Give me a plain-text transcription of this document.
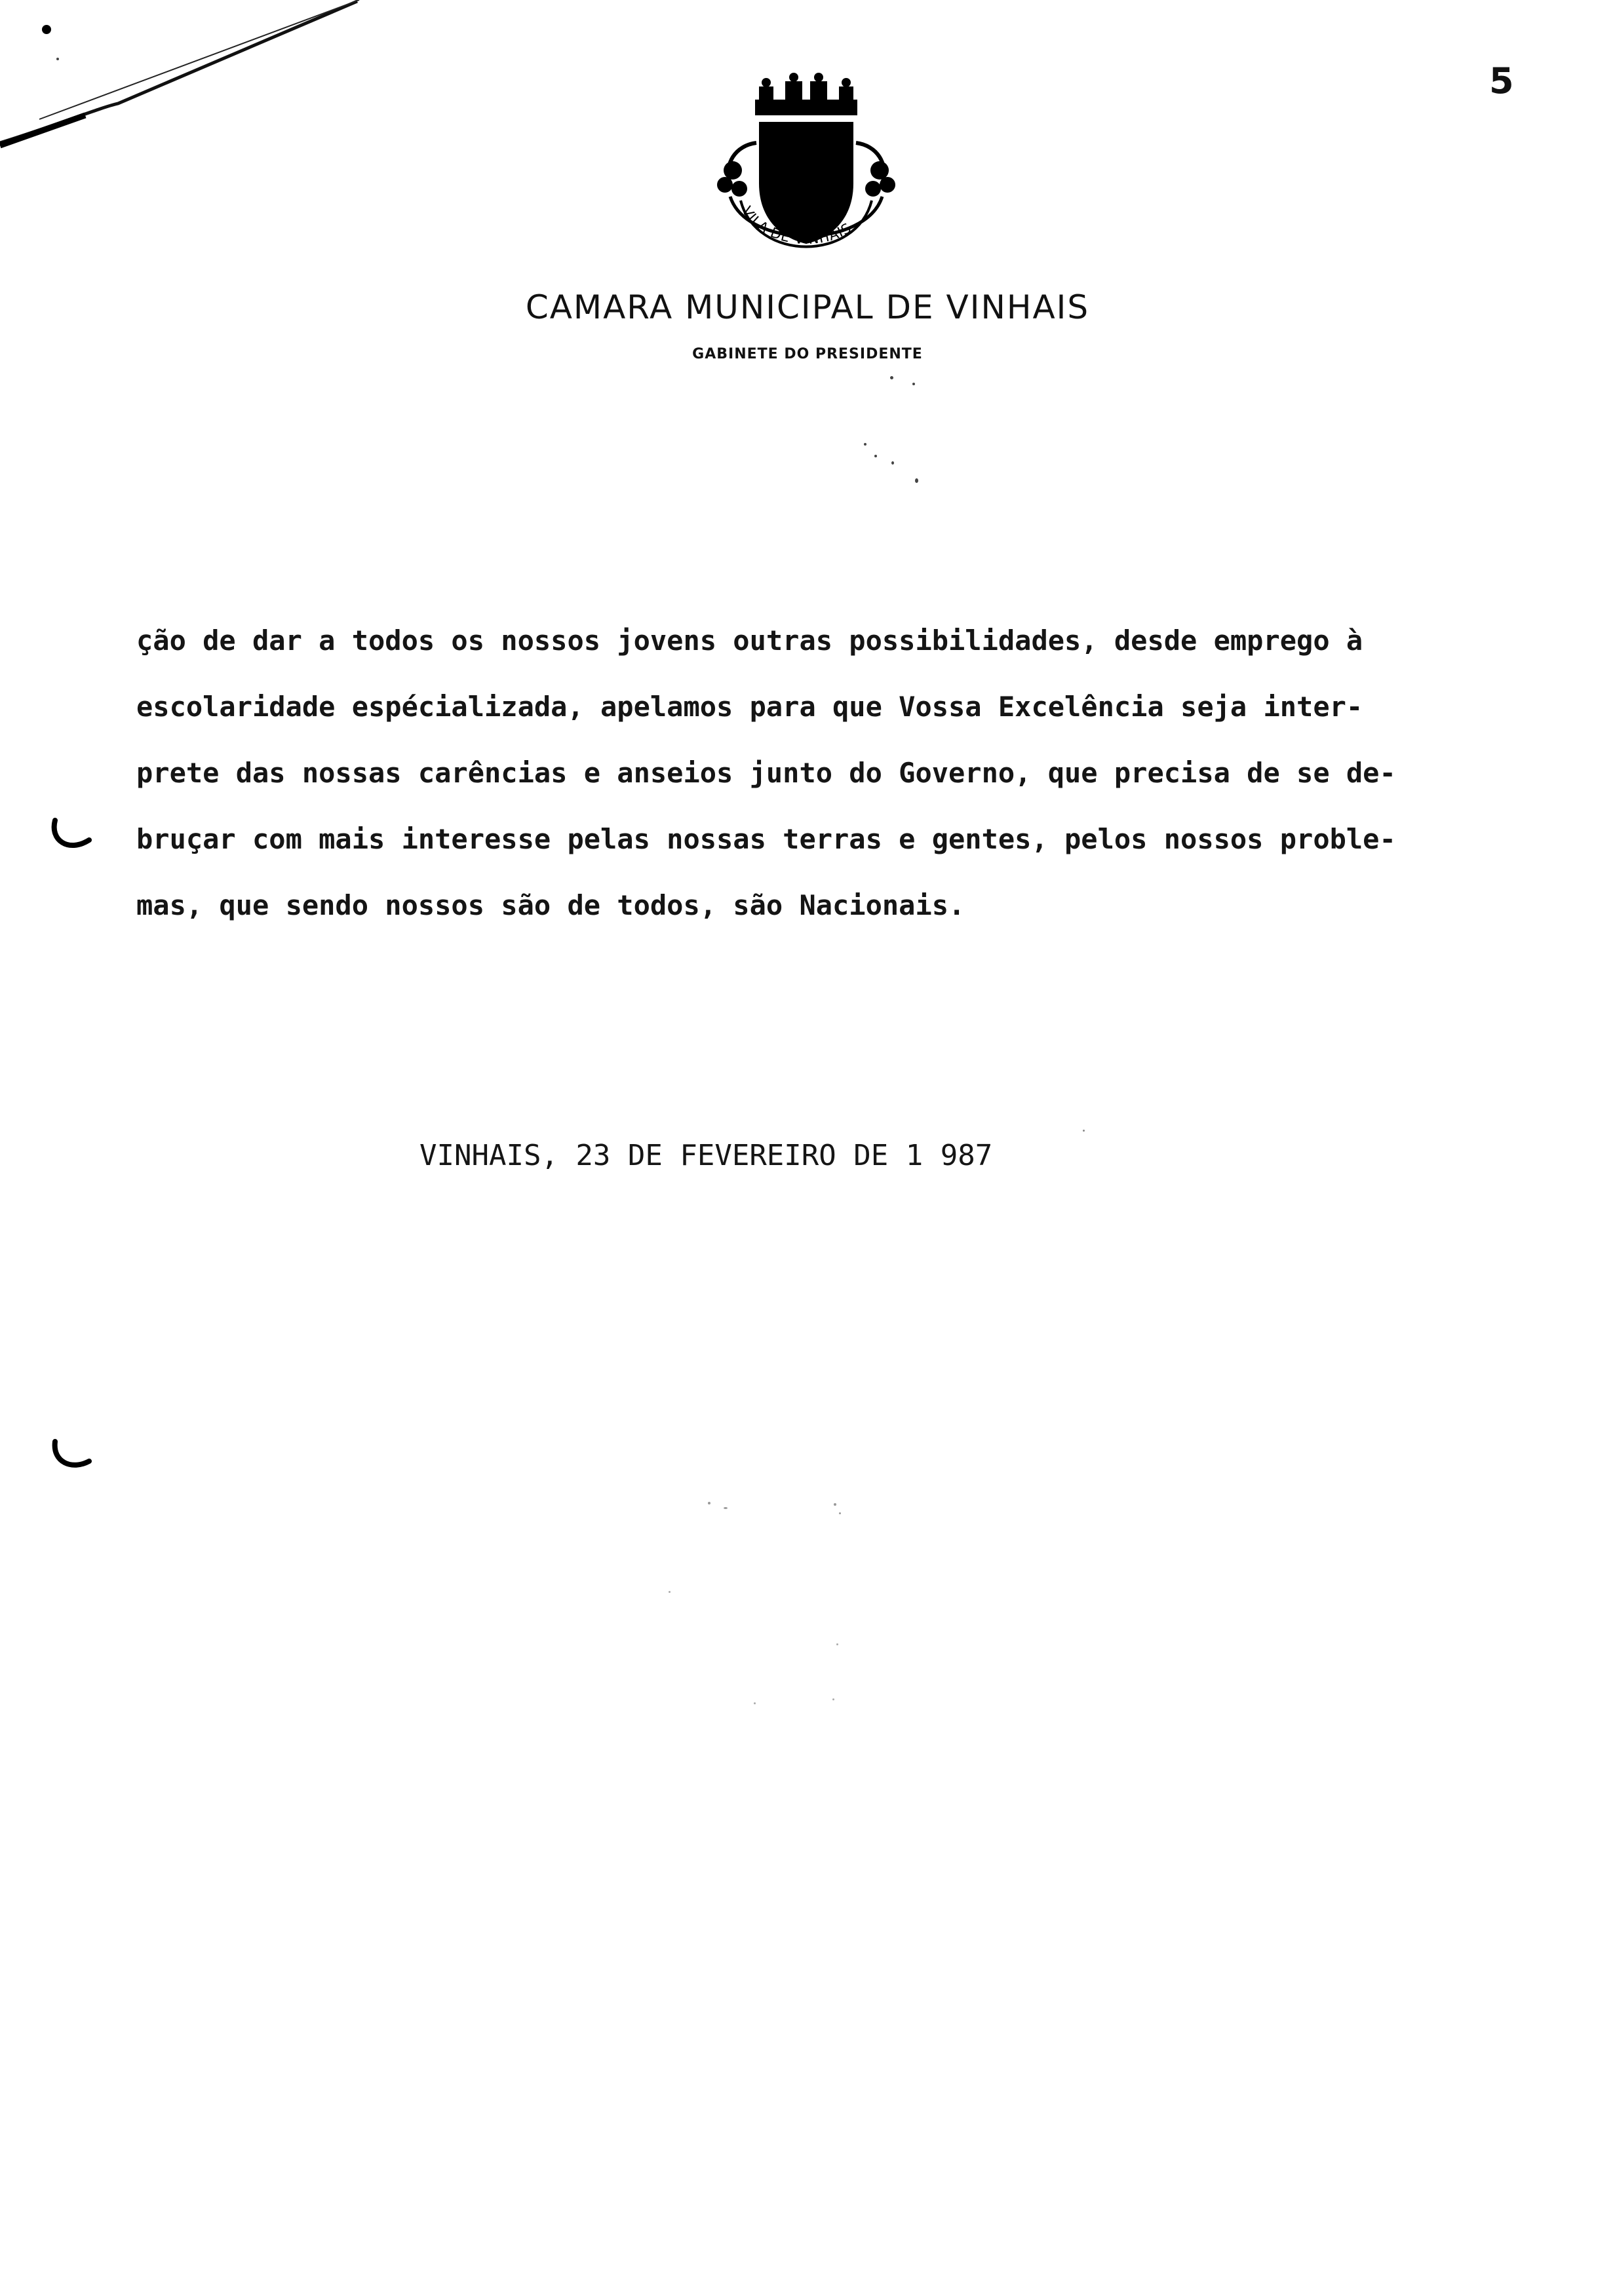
5
VILA DE VINHAIS
CAMARA MUNICIPAL DE VINHAIS
GABINETE DO PRESIDENTE
ção de dar a todos os nossos jovens outras possibilidades, desde emprego à
escolaridade espécializada, apelamos para que Vossa Excelência seja inter-
prete das nossas carências e anseios junto do Governo, que precisa de se de-
bruçar com mais interesse pelas nossas terras e gentes, pelos nossos proble-
mas, que sendo nossos são de todos, são Nacionais.
VINHAIS, 23 DE FEVEREIRO DE 1 987
